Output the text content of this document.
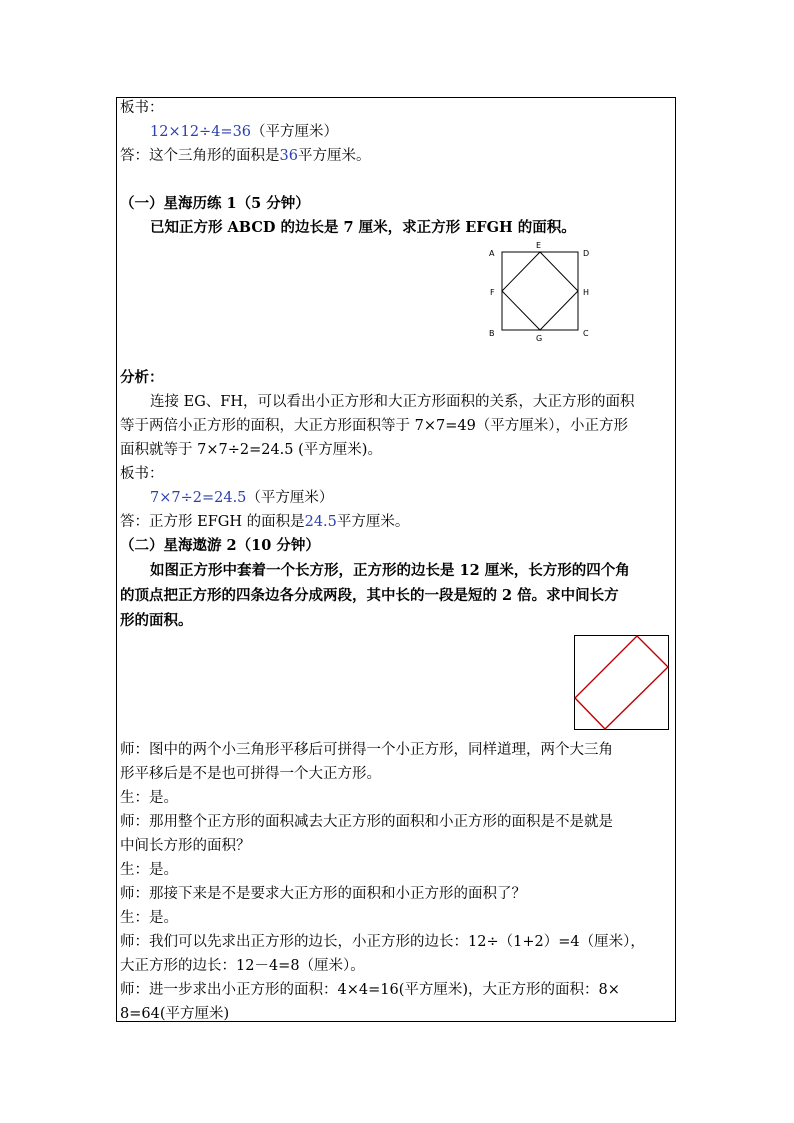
板书：
12×12÷4=36（平方厘米）
答：这个三角形的面积是36平方厘米。
（一）星海历练 1（5 分钟）
已知正方形 ABCD 的边长是 7 厘米，求正方形 EFGH 的面积。
A	D
E
F	H
B	C
G
分析：
连接 EG、FH，可以看出小正方形和大正方形面积的关系，大正方形的面积
等于两倍小正方形的面积，大正方形面积等于 7×7=49（平方厘米），小正方形
面积就等于 7×7÷2=24.5 (平方厘米)。
板书：
7×7÷2=24.5（平方厘米）
答：正方形 EFGH 的面积是24.5平方厘米。
（二）星海遨游 2（10 分钟）
如图正方形中套着一个长方形，正方形的边长是 12 厘米，长方形的四个角
的顶点把正方形的四条边各分成两段，其中长的一段是短的 2 倍。求中间长方
形的面积。
师：图中的两个小三角形平移后可拼得一个小正方形，同样道理，两个大三角
形平移后是不是也可拼得一个大正方形。
生：是。
师：那用整个正方形的面积减去大正方形的面积和小正方形的面积是不是就是
中间长方形的面积？
生：是。
师：那接下来是不是要求大正方形的面积和小正方形的面积了？
生：是。
师：我们可以先求出正方形的边长，小正方形的边长：12÷（1+2）=4（厘米），
大正方形的边长：12－4=8（厘米）。
师：进一步求出小正方形的面积：4×4=16(平方厘米)，大正方形的面积：8×
8=64(平方厘米)
